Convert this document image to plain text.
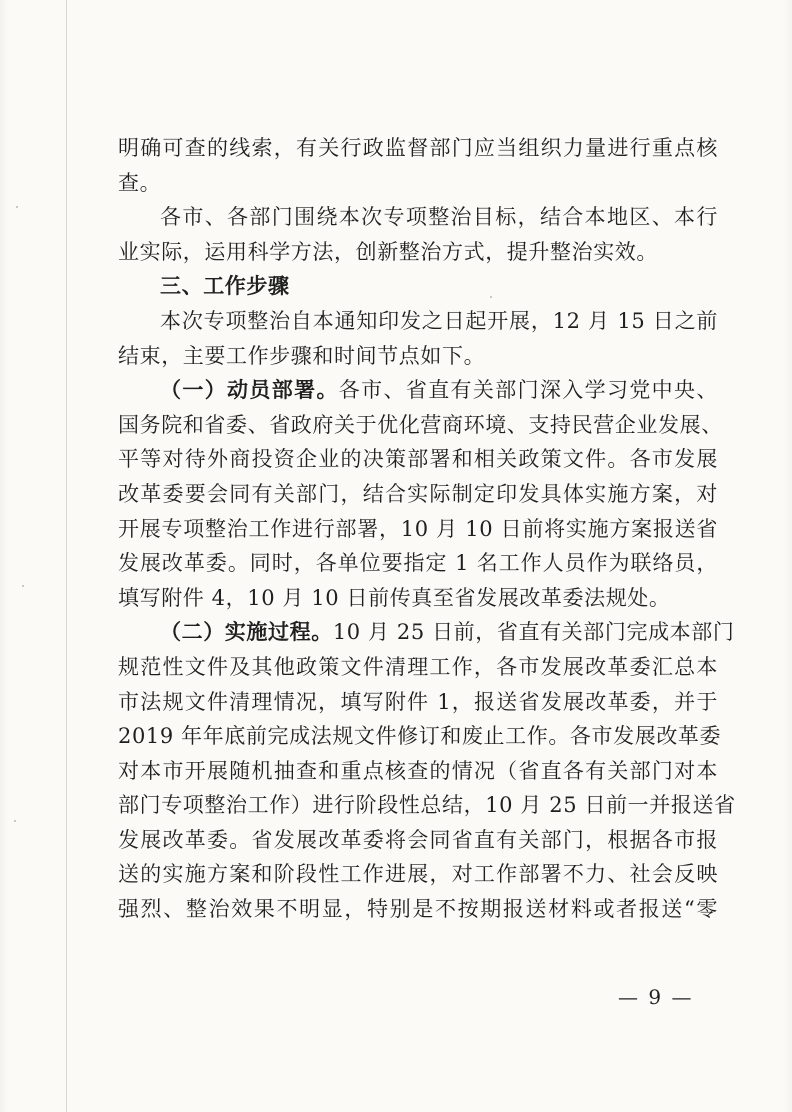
明确可查的线索，有关行政监督部门应当组织力量进行重点核
查。
各市、各部门围绕本次专项整治目标，结合本地区、本行
业实际，运用科学方法，创新整治方式，提升整治实效。
三、工作步骤
本次专项整治自本通知印发之日起开展，12 月 15 日之前
结束，主要工作步骤和时间节点如下。
（一）动员部署。各市、省直有关部门深入学习党中央、
国务院和省委、省政府关于优化营商环境、支持民营企业发展、
平等对待外商投资企业的决策部署和相关政策文件。各市发展
改革委要会同有关部门，结合实际制定印发具体实施方案，对
开展专项整治工作进行部署，10 月 10 日前将实施方案报送省
发展改革委。同时，各单位要指定 1 名工作人员作为联络员，
填写附件 4，10 月 10 日前传真至省发展改革委法规处。
（二）实施过程。10 月 25 日前，省直有关部门完成本部门
规范性文件及其他政策文件清理工作，各市发展改革委汇总本
市法规文件清理情况，填写附件 1，报送省发展改革委，并于
2019 年年底前完成法规文件修订和废止工作。各市发展改革委
对本市开展随机抽查和重点核查的情况（省直各有关部门对本
部门专项整治工作）进行阶段性总结，10 月 25 日前一并报送省
发展改革委。省发展改革委将会同省直有关部门，根据各市报
送的实施方案和阶段性工作进展，对工作部署不力、社会反映
强烈、整治效果不明显，特别是不按期报送材料或者报送“零
— 9 —
